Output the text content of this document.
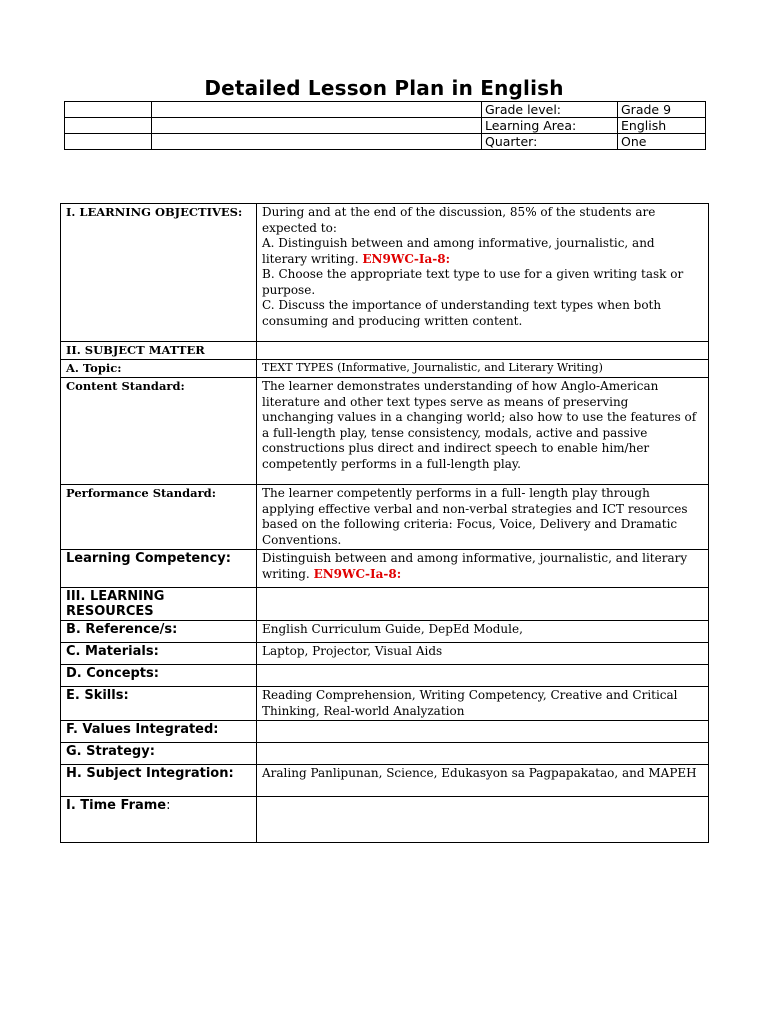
Detailed Lesson Plan in English
		Grade level:	Grade 9
		Learning Area:	English
		Quarter:	One
I. LEARNING OBJECTIVES:	During and at the end of the discussion, 85% of the students are expected to:
A. Distinguish between and among informative, journalistic, and literary writing. EN9WC-Ia-8:
B. Choose the appropriate text type to use for a given writing task or purpose.
C. Discuss the importance of understanding text types when both consuming and producing written content.

II. SUBJECT MATTER	
A. Topic:	TEXT TYPES (Informative, Journalistic, and Literary Writing)
Content Standard:	The learner demonstrates understanding of how Anglo-American literature and other text types serve as means of preserving unchanging values in a changing world; also how to use the features of a full-length play, tense consistency, modals, active and passive constructions plus direct and indirect speech to enable him/her competently performs in a full-length play.
Performance Standard:	The learner competently performs in a full- length play through applying effective verbal and non-verbal strategies and ICT resources based on the following criteria: Focus, Voice, Delivery and Dramatic Conventions.
Learning Competency:	Distinguish between and among informative, journalistic, and literary writing. EN9WC-Ia-8:
III. LEARNING RESOURCES	
B. Reference/s:	English Curriculum Guide, DepEd Module,
C. Materials:	Laptop, Projector, Visual Aids
D. Concepts:	
E. Skills:	Reading Comprehension, Writing Competency, Creative and Critical Thinking, Real-world Analyzation
F. Values Integrated:	
G. Strategy:	
H. Subject Integration:	Araling Panlipunan, Science, Edukasyon sa Pagpapakatao, and MAPEH
I. Time Frame:	
